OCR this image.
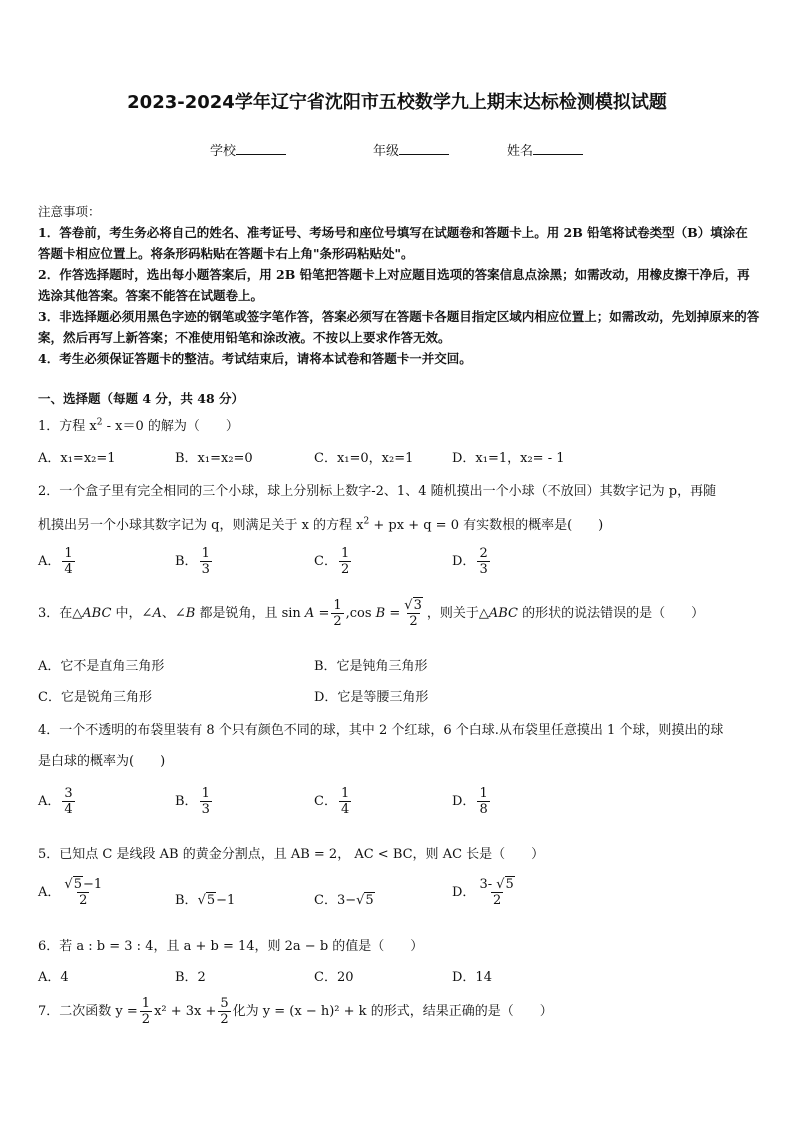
2023-2024学年辽宁省沈阳市五校数学九上期末达标检测模拟试题
学校	年级	姓名

注意事项：

1．答卷前，考生务必将自己的姓名、准考证号、考场号和座位号填写在试题卷和答题卡上。用 2B 铅笔将试卷类型（B）填涂在答题卡相应位置上。将条形码粘贴在答题卡右上角"条形码粘贴处"。

2．作答选择题时，选出每小题答案后，用 2B 铅笔把答题卡上对应题目选项的答案信息点涂黑；如需改动，用橡皮擦干净后，再选涂其他答案。答案不能答在试题卷上。

3．非选择题必须用黑色字迹的钢笔或签字笔作答，答案必须写在答题卡各题目指定区域内相应位置上；如需改动，先划掉原来的答案，然后再写上新答案；不准使用铅笔和涂改液。不按以上要求作答无效。

4．考生必须保证答题卡的整洁。考试结束后，请将本试卷和答题卡一并交回。

一、选择题（每题 4 分，共 48 分）
1．方程 $x^2 - x=0$ 的解为（　　）
A．x₁=x₂=1	B．x₁=x₂=0	C．x₁=0，x₂=1	D．x₁=1，x₂= - 1
2．一个盒子里有完全相同的三个小球，球上分别标上数字-2、1、4 随机摸出一个小球（不放回）其数字记为 p，再随
机摸出另一个小球其数字记为 q，则满足关于 x 的方程 $x^2$ + px + q = 0 有实数根的概率是(　　)
A． $\frac{1}{4}$	B． $\frac{1}{3}$	C． $\frac{1}{2}$	D． $\frac{2}{3}$
3．在△ABC 中，∠A、∠B 都是锐角，且 $\sin A = \frac{1}{2} ,\cos$ $B = \frac{√3}{2}$ ，则关于△ABC 的形状的说法错误的是（　　）
A．它不是直角三角形	B．它是钝角三角形
C．它是锐角三角形	D．它是等腰三角形
4．一个不透明的布袋里装有 8 个只有颜色不同的球，其中 2 个红球，6 个白球.从布袋里任意摸出 1 个球，则摸出的球
是白球的概率为(　　)
A． $\frac{3}{4}$	B． $\frac{1}{3}$	C． $\frac{1}{4}$	D． $\frac{1}{8}$
5．已知点 C 是线段 AB 的黄金分割点，且 AB = 2， AC < BC，则 AC 长是（　　）
A． $\frac{√5-1}{2}$	B．√5−1	C．3−√5
D． $\frac{3- √5}{2}$
6．若 a : b = 3 : 4，且 a + b = 14，则 2a − b 的值是（　　）
A．4	B．2	C．20	D．14
7．二次函数 $y = \frac{1}{2} x^2 + 3x + \frac{5}{2}$ 化为 y = (x − h)² + k 的形式，结果正确的是（　　）
